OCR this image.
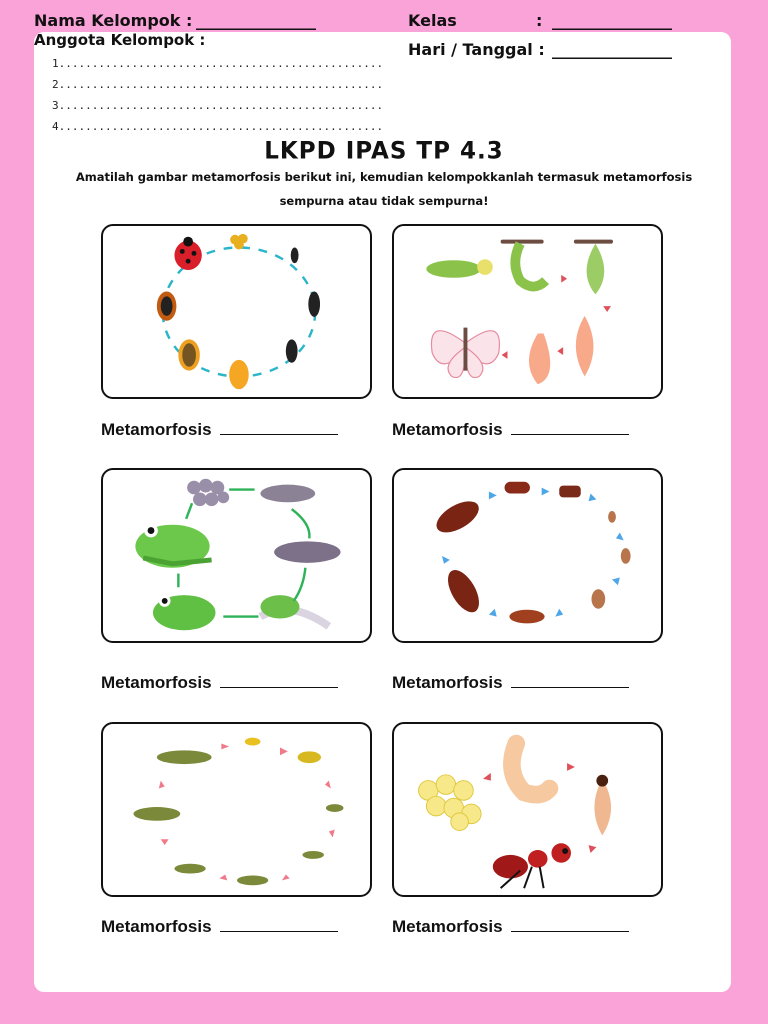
Nama Kelompok : _______________	Kelas	: _______________
Anggota Kelompok :	Hari / Tanggal : _______________
1.................................................
2.................................................
3.................................................
4.................................................
LKPD IPAS TP 4.3
Amatilah gambar metamorfosis berikut ini, kemudian kelompokkanlah termasuk metamorfosis
sempurna atau tidak sempurna!
Metamorfosis	Metamorfosis
Metamorfosis	Metamorfosis
Metamorfosis	Metamorfosis
